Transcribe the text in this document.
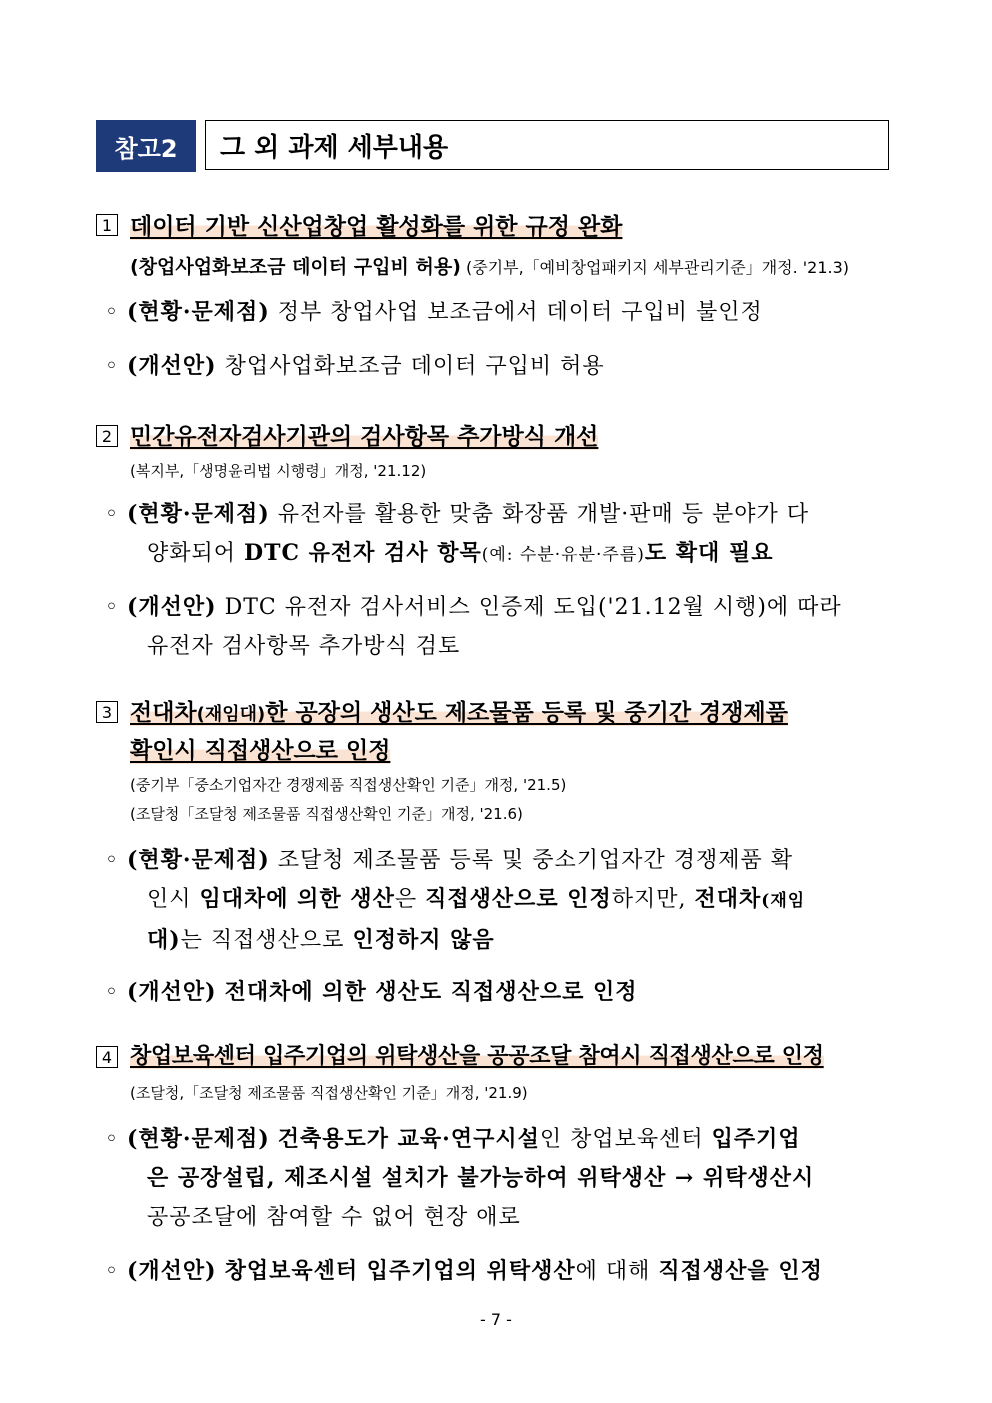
참고2	그 외 과제 세부내용
1 데이터 기반 신산업창업 활성화를 위한 규정 완화
(창업사업화보조금 데이터 구입비 허용) (중기부,「예비창업패키지 세부관리기준」개정. '21.3)
◦ (현황·문제점) 정부 창업사업 보조금에서 데이터 구입비 불인정
◦ (개선안) 창업사업화보조금 데이터 구입비 허용
2 민간유전자검사기관의 검사항목 추가방식 개선
(복지부,「생명윤리법 시행령」개정, '21.12)
◦ (현황·문제점) 유전자를 활용한 맞춤 화장품 개발·판매 등 분야가 다
양화되어 DTC 유전자 검사 항목(예: 수분·유분·주름)도 확대 필요
◦ (개선안) DTC 유전자 검사서비스 인증제 도입('21.12월 시행)에 따라
유전자 검사항목 추가방식 검토
3 전대차(재임대)한 공장의 생산도 제조물품 등록 및 중기간 경쟁제품
확인시 직접생산으로 인정
(중기부「중소기업자간 경쟁제품 직접생산확인 기준」개정, '21.5)
(조달청「조달청 제조물품 직접생산확인 기준」개정, '21.6)
◦ (현황·문제점) 조달청 제조물품 등록 및 중소기업자간 경쟁제품 확
인시 임대차에 의한 생산은 직접생산으로 인정하지만, 전대차(재임
대)는 직접생산으로 인정하지 않음
◦ (개선안) 전대차에 의한 생산도 직접생산으로 인정
4 창업보육센터 입주기업의 위탁생산을 공공조달 참여시 직접생산으로 인정
(조달청,「조달청 제조물품 직접생산확인 기준」개정, '21.9)
◦ (현황·문제점) 건축용도가 교육·연구시설인 창업보육센터 입주기업
은 공장설립, 제조시설 설치가 불가능하여 위탁생산 → 위탁생산시
공공조달에 참여할 수 없어 현장 애로
◦ (개선안) 창업보육센터 입주기업의 위탁생산에 대해 직접생산을 인정
- 7 -
